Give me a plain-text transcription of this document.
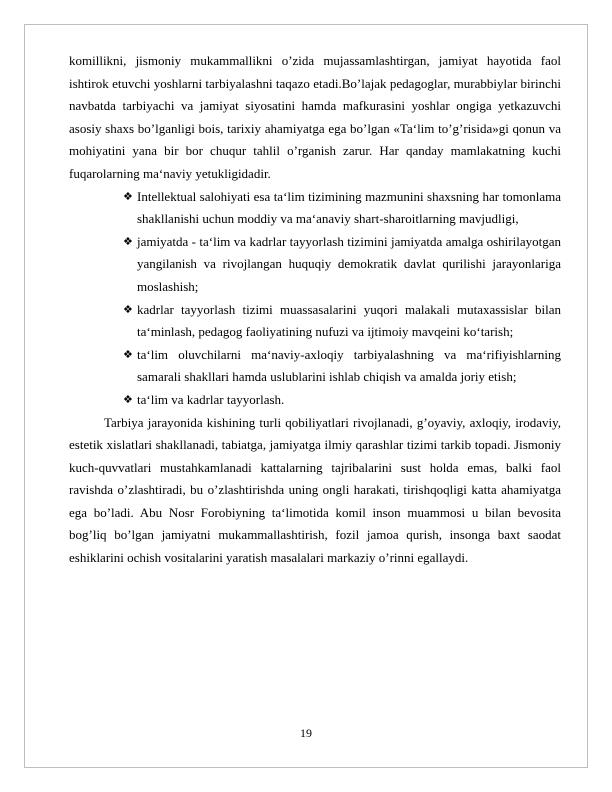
komillikni, jismoniy mukammallikni o’zida mujassamlashtirgan, jamiyat hayotida faol ishtirok etuvchi yoshlarni tarbiyalashni taqazo etadi.Bo’lajak pedagoglar, murabbiylar birinchi navbatda tarbiyachi va jamiyat siyosatini hamda mafkurasini yoshlar ongiga yetkazuvchi asosiy shaxs bo’lganligi bois, tarixiy ahamiyatga ega bo’lgan «Ta‘lim to’g’risida»gi qonun va mohiyatini yana bir bor chuqur tahlil o’rganish zarur. Har qanday mamlakatning kuchi fuqarolarning ma‘naviy yetukligidadir.

❖ Intellektual salohiyati esa ta‘lim tizimining mazmunini shaxsning har tomonlama shakllanishi uchun moddiy va ma‘anaviy shart-sharoitlarning mavjudligi,
❖ jamiyatda - ta‘lim va kadrlar tayyorlash tizimini jamiyatda amalga oshirilayotgan yangilanish va rivojlangan huquqiy demokratik davlat qurilishi jarayonlariga moslashish;
❖ kadrlar tayyorlash tizimi muassasalarini yuqori malakali mutaxassislar bilan ta‘minlash, pedagog faoliyatining nufuzi va ijtimoiy mavqeini ko‘tarish;
❖ ta‘lim oluvchilarni ma‘naviy-axloqiy tarbiyalashning va ma‘rifiyishlarning samarali shakllari hamda uslublarini ishlab chiqish va amalda joriy etish;
❖ ta‘lim va kadrlar tayyorlash.

Tarbiya jarayonida kishining turli qobiliyatlari rivojlanadi, g’oyaviy, axloqiy, irodaviy, estetik xislatlari shakllanadi, tabiatga, jamiyatga ilmiy qarashlar tizimi tarkib topadi. Jismoniy kuch-quvvatlari mustahkamlanadi kattalarning tajribalarini sust holda emas, balki faol ravishda o’zlashtiradi, bu o’zlashtirishda uning ongli harakati, tirishqoqligi katta ahamiyatga ega bo’ladi. Abu Nosr Forobiyning ta‘limotida komil inson muammosi u bilan bevosita bog’liq bo’lgan jamiyatni mukammallashtirish, fozil jamoa qurish, insonga baxt saodat eshiklarini ochish vositalarini yaratish masalalari markaziy o’rinni egallaydi.

19
